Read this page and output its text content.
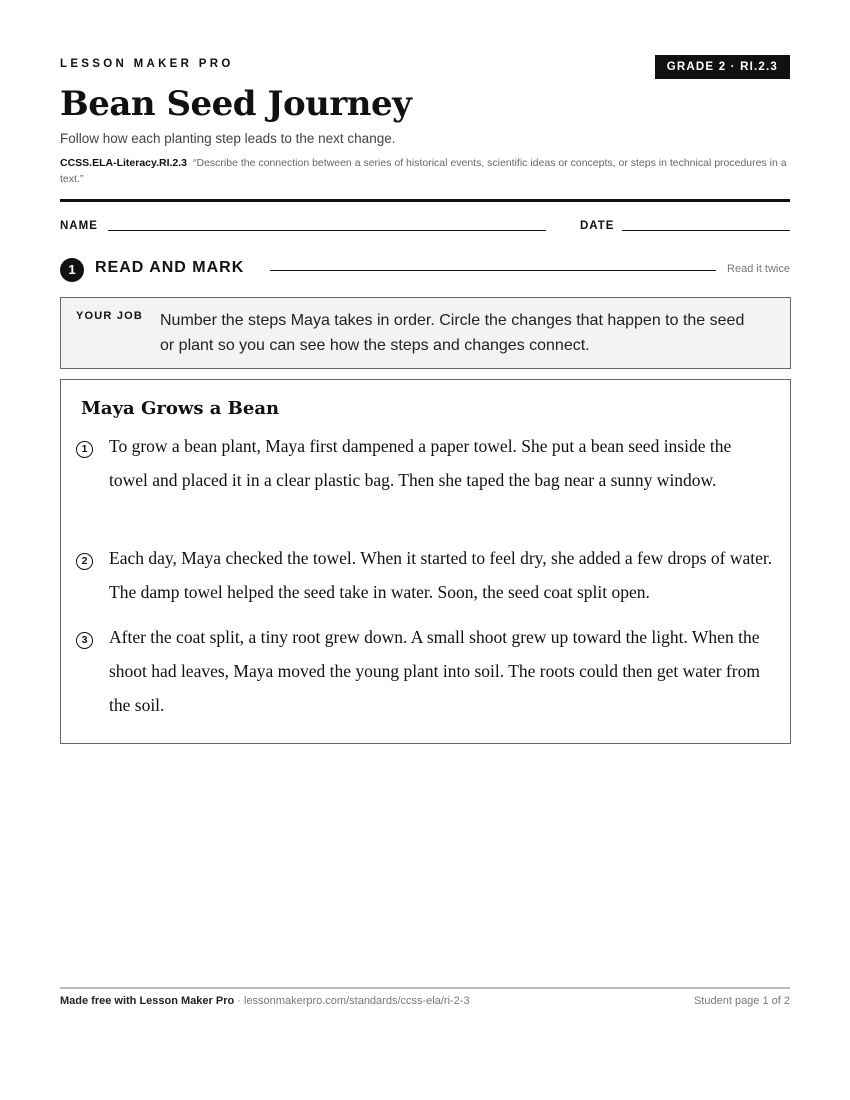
LESSON MAKER PRO	GRADE 2 · RI.2.3
Bean Seed Journey
Follow how each planting step leads to the next change.
CCSS.ELA-Literacy.RI.2.3 “Describe the connection between a series of historical events, scientific ideas or concepts, or steps in technical procedures in a text.”
NAME	DATE
1	READ AND MARK	Read it twice
YOUR JOB Number the steps Maya takes in order. Circle the changes that happen to the seed or plant so you can see how the steps and changes connect.
Maya Grows a Bean
1	To grow a bean plant, Maya first dampened a paper towel. She put a bean seed inside the towel and placed it in a clear plastic bag. Then she taped the bag near a sunny window.

2	Each day, Maya checked the towel. When it started to feel dry, she added a few drops of water. The damp towel helped the seed take in water. Soon, the seed coat split open.

3	After the coat split, a tiny root grew down. A small shoot grew up toward the light. When the shoot had leaves, Maya moved the young plant into soil. The roots could then get water from the soil.

Made free with Lesson Maker Pro · lessonmakerpro.com/standards/ccss-ela/ri-2-3	Student page 1 of 2
